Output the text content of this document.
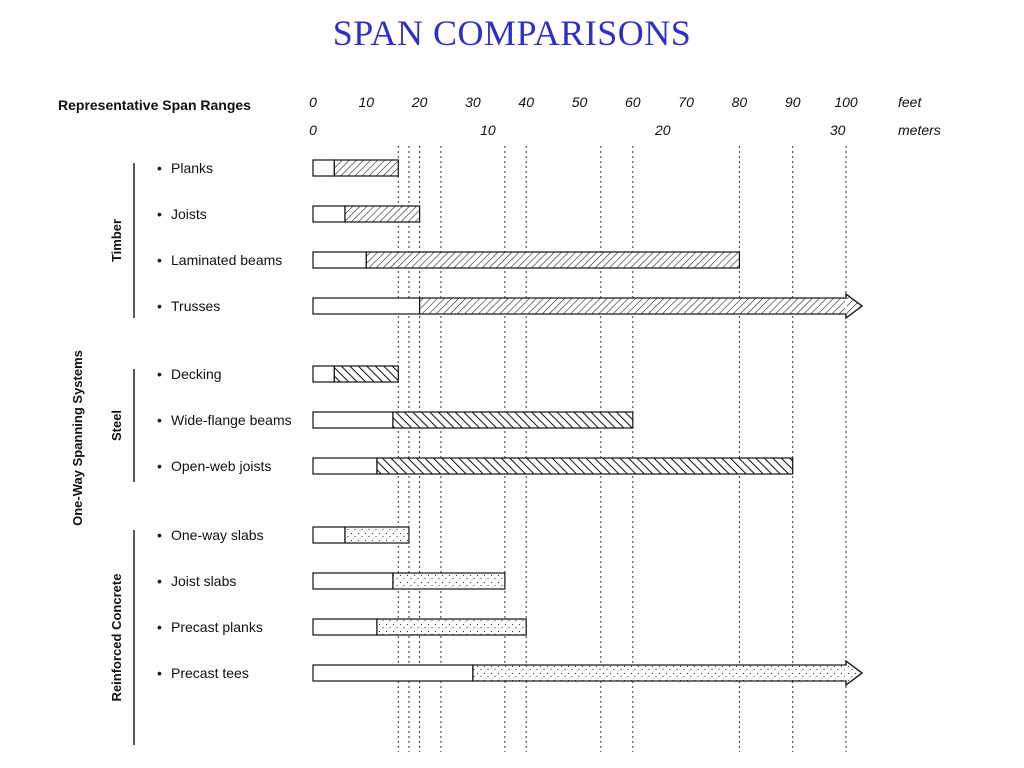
SPAN COMPARISONS
Representative Span Ranges	0	10	20	30	40	50	60	70	80	90 100	feet
0	10	20	30	meters
Timber
Steel
Reinforced Concrete
• Planks
• Joists
• Laminated beams
• Trusses
• Decking
• Wide-flange beams
• Open-web joists
• One-way slabs
• Joist slabs
• Precast planks
• Precast tees
One-Way Spanning Systems
